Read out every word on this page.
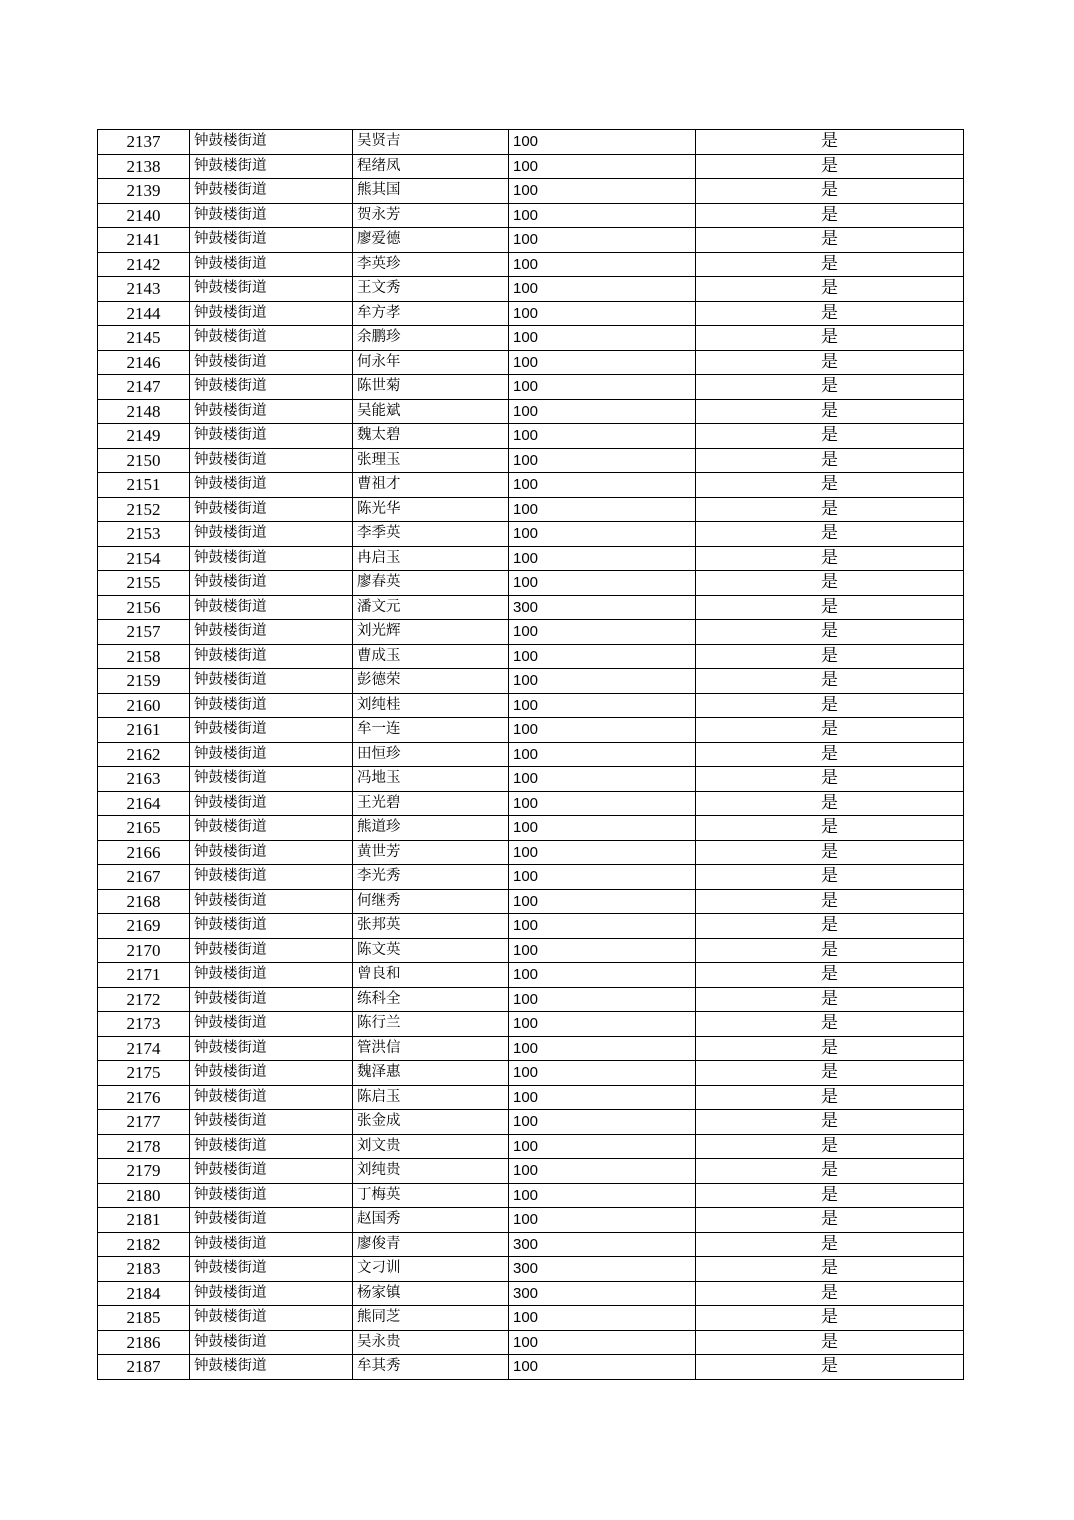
2137	钟鼓楼街道	吴贤吉	100	是
2138	钟鼓楼街道	程绪凤	100	是
2139	钟鼓楼街道	熊其国	100	是
2140	钟鼓楼街道	贺永芳	100	是
2141	钟鼓楼街道	廖爱德	100	是
2142	钟鼓楼街道	李英珍	100	是
2143	钟鼓楼街道	王文秀	100	是
2144	钟鼓楼街道	牟方孝	100	是
2145	钟鼓楼街道	余鹏珍	100	是
2146	钟鼓楼街道	何永年	100	是
2147	钟鼓楼街道	陈世菊	100	是
2148	钟鼓楼街道	吴能斌	100	是
2149	钟鼓楼街道	魏太碧	100	是
2150	钟鼓楼街道	张理玉	100	是
2151	钟鼓楼街道	曹祖才	100	是
2152	钟鼓楼街道	陈光华	100	是
2153	钟鼓楼街道	李季英	100	是
2154	钟鼓楼街道	冉启玉	100	是
2155	钟鼓楼街道	廖春英	100	是
2156	钟鼓楼街道	潘文元	300	是
2157	钟鼓楼街道	刘光辉	100	是
2158	钟鼓楼街道	曹成玉	100	是
2159	钟鼓楼街道	彭德荣	100	是
2160	钟鼓楼街道	刘纯桂	100	是
2161	钟鼓楼街道	牟一连	100	是
2162	钟鼓楼街道	田恒珍	100	是
2163	钟鼓楼街道	冯地玉	100	是
2164	钟鼓楼街道	王光碧	100	是
2165	钟鼓楼街道	熊道珍	100	是
2166	钟鼓楼街道	黄世芳	100	是
2167	钟鼓楼街道	李光秀	100	是
2168	钟鼓楼街道	何继秀	100	是
2169	钟鼓楼街道	张邦英	100	是
2170	钟鼓楼街道	陈文英	100	是
2171	钟鼓楼街道	曾良和	100	是
2172	钟鼓楼街道	练科全	100	是
2173	钟鼓楼街道	陈行兰	100	是
2174	钟鼓楼街道	管洪信	100	是
2175	钟鼓楼街道	魏泽惠	100	是
2176	钟鼓楼街道	陈启玉	100	是
2177	钟鼓楼街道	张金成	100	是
2178	钟鼓楼街道	刘文贵	100	是
2179	钟鼓楼街道	刘纯贵	100	是
2180	钟鼓楼街道	丁梅英	100	是
2181	钟鼓楼街道	赵国秀	100	是
2182	钟鼓楼街道	廖俊青	300	是
2183	钟鼓楼街道	文刁训	300	是
2184	钟鼓楼街道	杨家镇	300	是
2185	钟鼓楼街道	熊同芝	100	是
2186	钟鼓楼街道	吴永贵	100	是
2187	钟鼓楼街道	牟其秀	100	是
